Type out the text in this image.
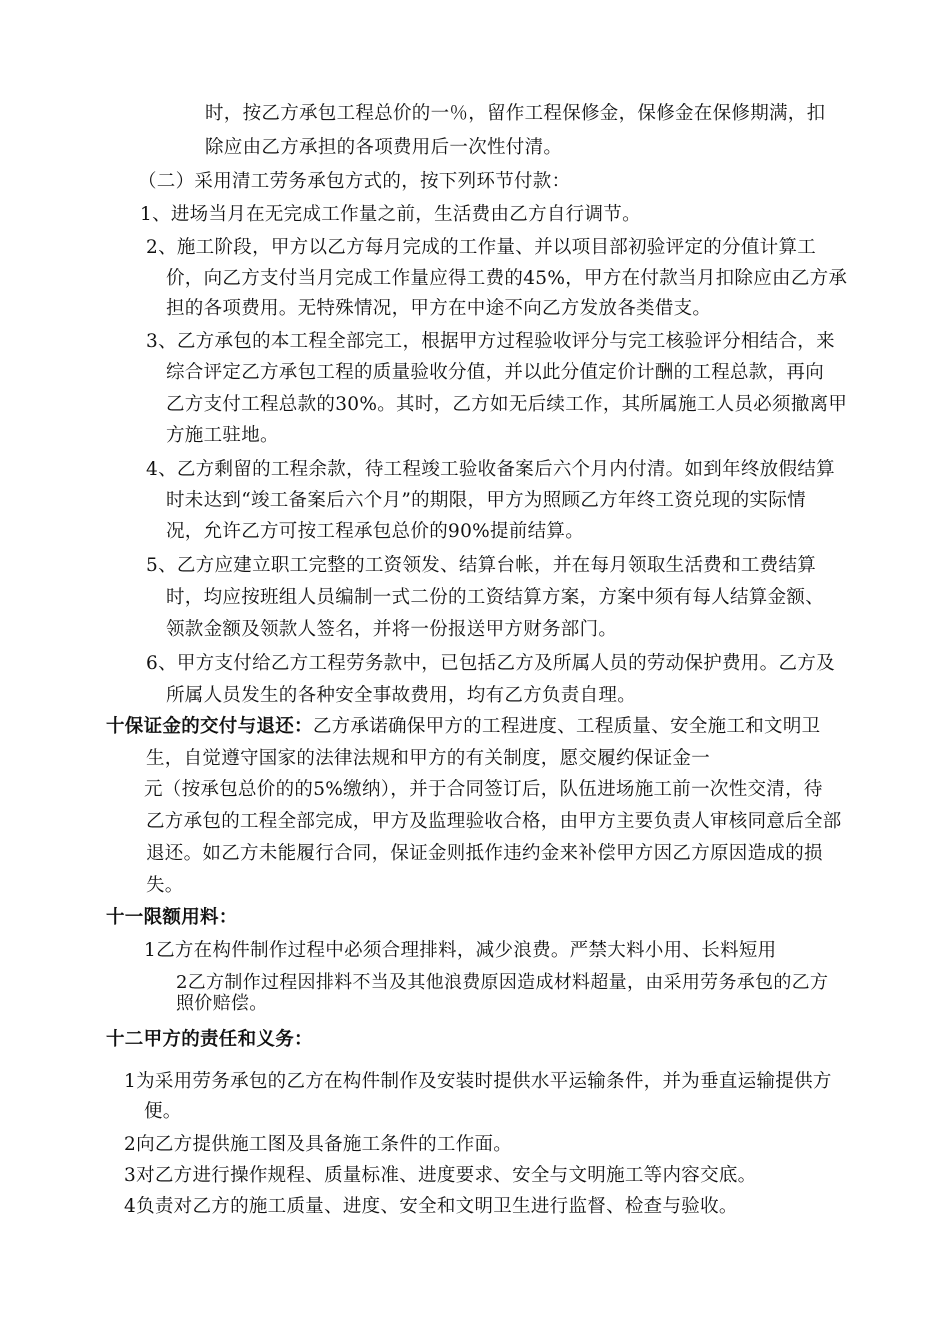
时，按乙方承包工程总价的一％，留作工程保修金，保修金在保修期满，扣
除应由乙方承担的各项费用后一次性付清。
（二）采用清工劳务承包方式的，按下列环节付款：
1、进场当月在无完成工作量之前，生活费由乙方自行调节。
2、施工阶段，甲方以乙方每月完成的工作量、并以项目部初验评定的分值计算工
价，向乙方支付当月完成工作量应得工费的45%，甲方在付款当月扣除应由乙方承
担的各项费用。无特殊情况，甲方在中途不向乙方发放各类借支。
3、乙方承包的本工程全部完工，根据甲方过程验收评分与完工核验评分相结合，来
综合评定乙方承包工程的质量验收分值，并以此分值定价计酬的工程总款，再向
乙方支付工程总款的30%。其时，乙方如无后续工作，其所属施工人员必须撤离甲
方施工驻地。
4、乙方剩留的工程余款，待工程竣工验收备案后六个月内付清。如到年终放假结算
时未达到“竣工备案后六个月”的期限，甲方为照顾乙方年终工资兑现的实际情
况，允许乙方可按工程承包总价的90%提前结算。
5、乙方应建立职工完整的工资领发、结算台帐，并在每月领取生活费和工费结算
时，均应按班组人员编制一式二份的工资结算方案，方案中须有每人结算金额、
领款金额及领款人签名，并将一份报送甲方财务部门。
6、甲方支付给乙方工程劳务款中，已包括乙方及所属人员的劳动保护费用。乙方及
所属人员发生的各种安全事故费用，均有乙方负责自理。
十保证金的交付与退还：乙方承诺确保甲方的工程进度、工程质量、安全施工和文明卫
生，自觉遵守国家的法律法规和甲方的有关制度，愿交履约保证金一
元（按承包总价的的5%缴纳），并于合同签订后，队伍进场施工前一次性交清，待
乙方承包的工程全部完成，甲方及监理验收合格，由甲方主要负责人审核同意后全部
退还。如乙方未能履行合同，保证金则抵作违约金来补偿甲方因乙方原因造成的损
失。
十一限额用料：
1乙方在构件制作过程中必须合理排料，减少浪费。严禁大料小用、长料短用
2乙方制作过程因排料不当及其他浪费原因造成材料超量，由采用劳务承包的乙方
照价赔偿。
十二甲方的责任和义务：
1为采用劳务承包的乙方在构件制作及安装时提供水平运输条件，并为垂直运输提供方
便。
2向乙方提供施工图及具备施工条件的工作面。
3对乙方进行操作规程、质量标准、进度要求、安全与文明施工等内容交底。
4负责对乙方的施工质量、进度、安全和文明卫生进行监督、检查与验收。
